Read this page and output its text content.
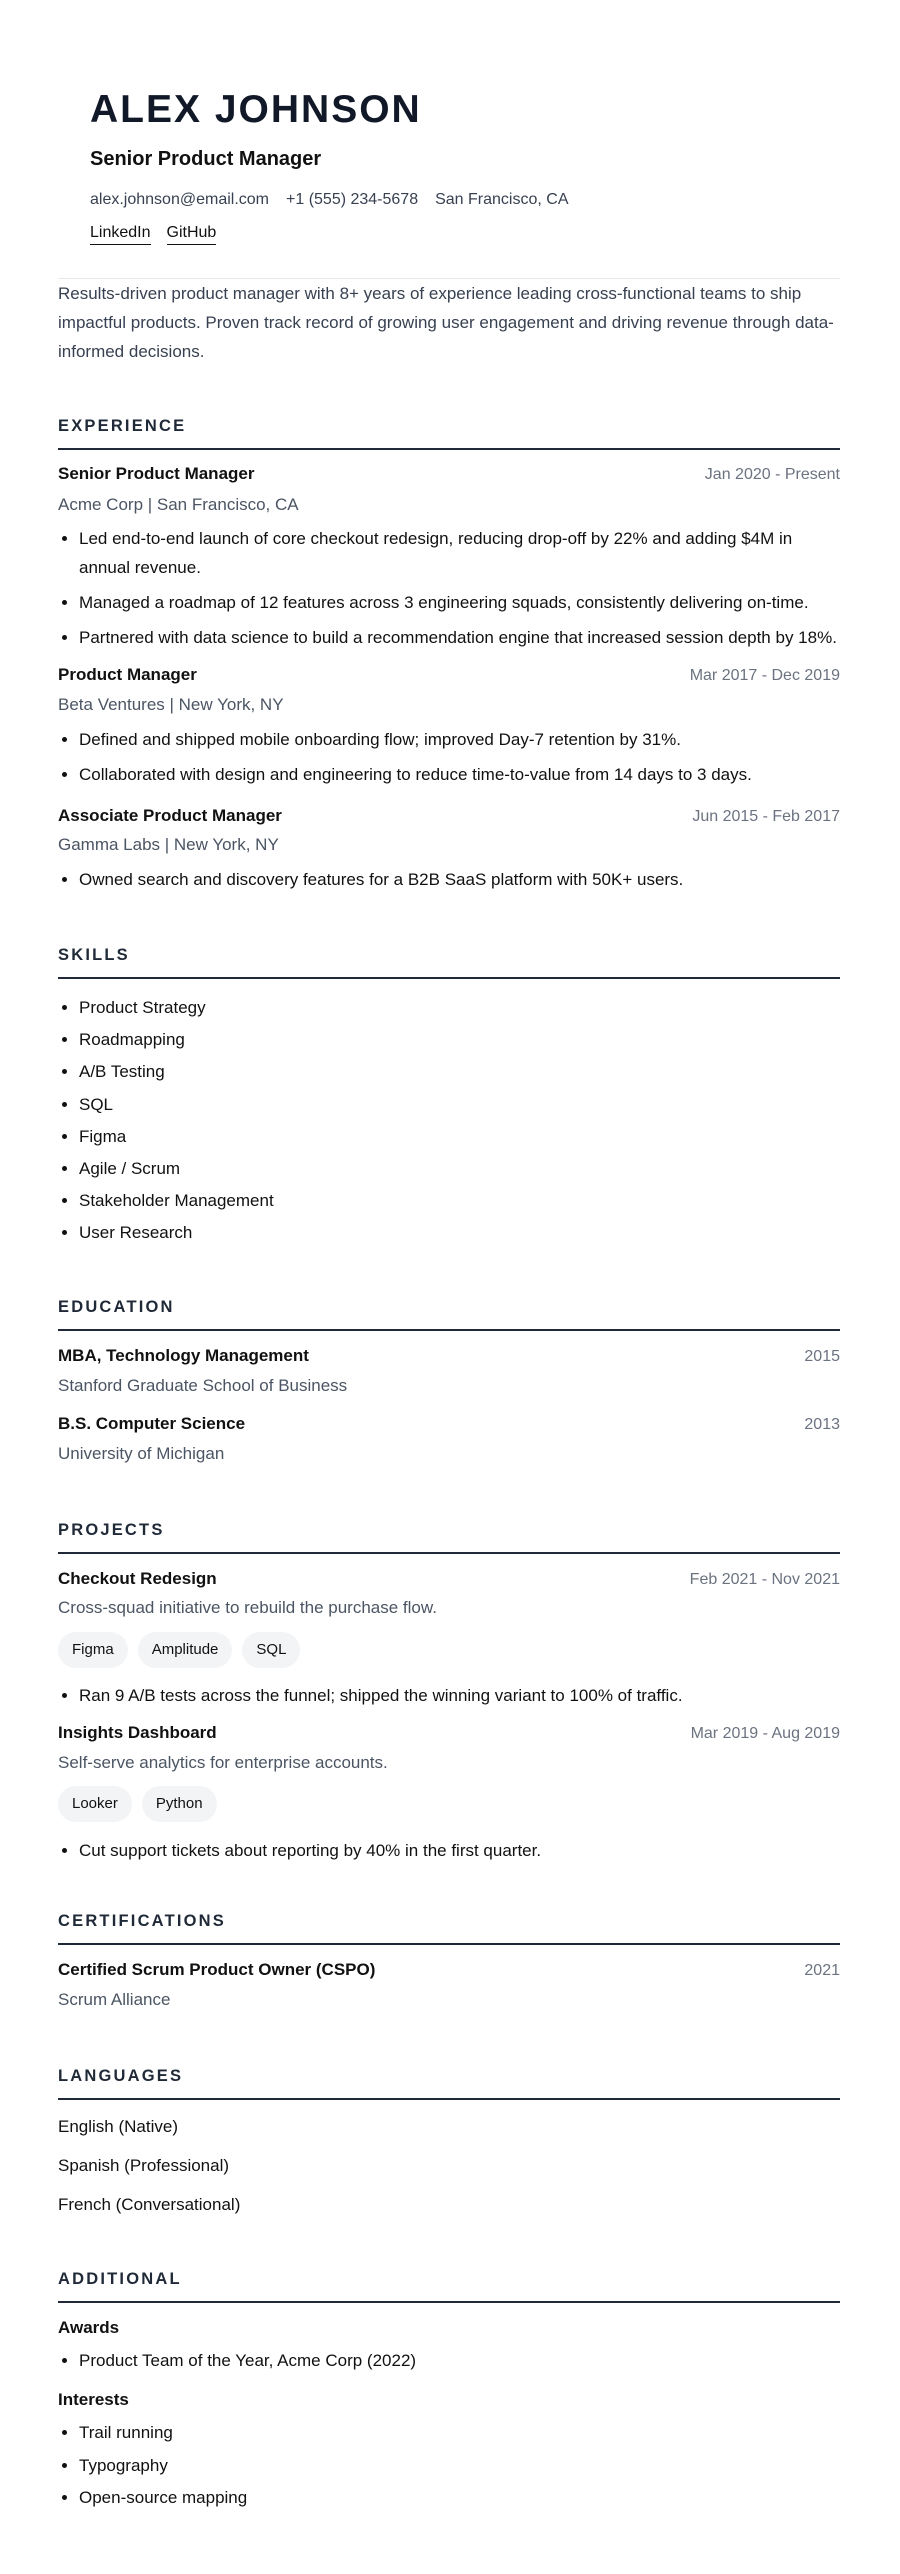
ALEX JOHNSON
Senior Product Manager
alex.johnson@email.com +1 (555) 234-5678 San Francisco, CA
LinkedIn GitHub
Results-driven product manager with 8+ years of experience leading cross-functional teams to ship impactful products. Proven track record of growing user engagement and driving revenue through data-informed decisions.
EXPERIENCE
Senior Product Manager	Jan 2020 - Present
Acme Corp | San Francisco, CA
• Led end-to-end launch of core checkout redesign, reducing drop-off by 22% and adding $4M in annual revenue.
• Managed a roadmap of 12 features across 3 engineering squads, consistently delivering on-time.
• Partnered with data science to build a recommendation engine that increased session depth by 18%.
Product Manager	Mar 2017 - Dec 2019
Beta Ventures | New York, NY
• Defined and shipped mobile onboarding flow; improved Day-7 retention by 31%.
• Collaborated with design and engineering to reduce time-to-value from 14 days to 3 days.
Associate Product Manager	Jun 2015 - Feb 2017
Gamma Labs | New York, NY
• Owned search and discovery features for a B2B SaaS platform with 50K+ users.
SKILLS
• Product Strategy
• Roadmapping
• A/B Testing
• SQL
• Figma
• Agile / Scrum
• Stakeholder Management
• User Research
EDUCATION
MBA, Technology Management	2015
Stanford Graduate School of Business
B.S. Computer Science	2013
University of Michigan
PROJECTS
Checkout Redesign	Feb 2021 - Nov 2021
Cross-squad initiative to rebuild the purchase flow.
Figma	Amplitude	SQL
• Ran 9 A/B tests across the funnel; shipped the winning variant to 100% of traffic.
Insights Dashboard	Mar 2019 - Aug 2019
Self-serve analytics for enterprise accounts.
Looker	Python
• Cut support tickets about reporting by 40% in the first quarter.
CERTIFICATIONS
Certified Scrum Product Owner (CSPO)	2021
Scrum Alliance
LANGUAGES
English (Native)
Spanish (Professional)
French (Conversational)
ADDITIONAL
Awards
• Product Team of the Year, Acme Corp (2022)
Interests
• Trail running
• Typography
• Open-source mapping
